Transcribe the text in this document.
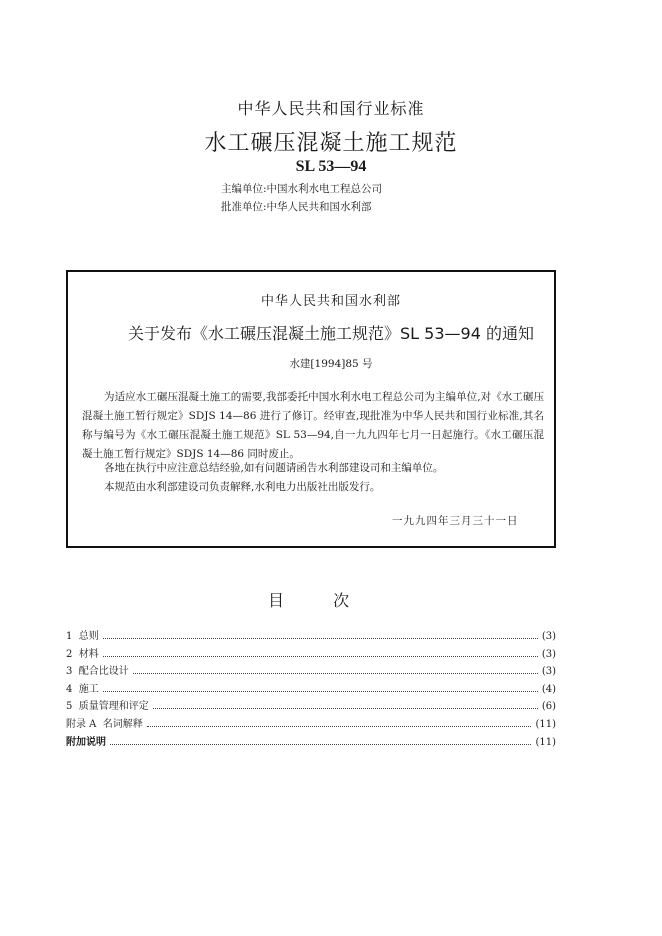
中华人民共和国行业标准
水工碾压混凝土施工规范
SL 53—94
主编单位:中国水利水电工程总公司
批准单位:中华人民共和国水利部
中华人民共和国水利部
关于发布《水工碾压混凝土施工规范》SL 53—94 的通知
水建[1994]85 号
为适应水工碾压混凝土施工的需要,我部委托中国水利水电工程总公司为主编单位,对《水工碾压混凝土施工暂行规定》SDJS 14—86 进行了修订。经审查,现批准为中华人民共和国行业标准,其名称与编号为《水工碾压混凝土施工规范》SL 53—94,自一九九四年七月一日起施行。《水工碾压混凝土施工暂行规定》SDJS 14—86 同时废止。
各地在执行中应注意总结经验,如有问题请函告水利部建设司和主编单位。
本规范由水利部建设司负责解释,水利电力出版社出版发行。
一九九四年三月三十一日
目 次
1  总则	(3)
2  材料	(3)
3  配合比设计	(3)
4  施工	(4)
5  质量管理和评定	(6)
附录 A  名词解释	(11)
附加说明	(11)
